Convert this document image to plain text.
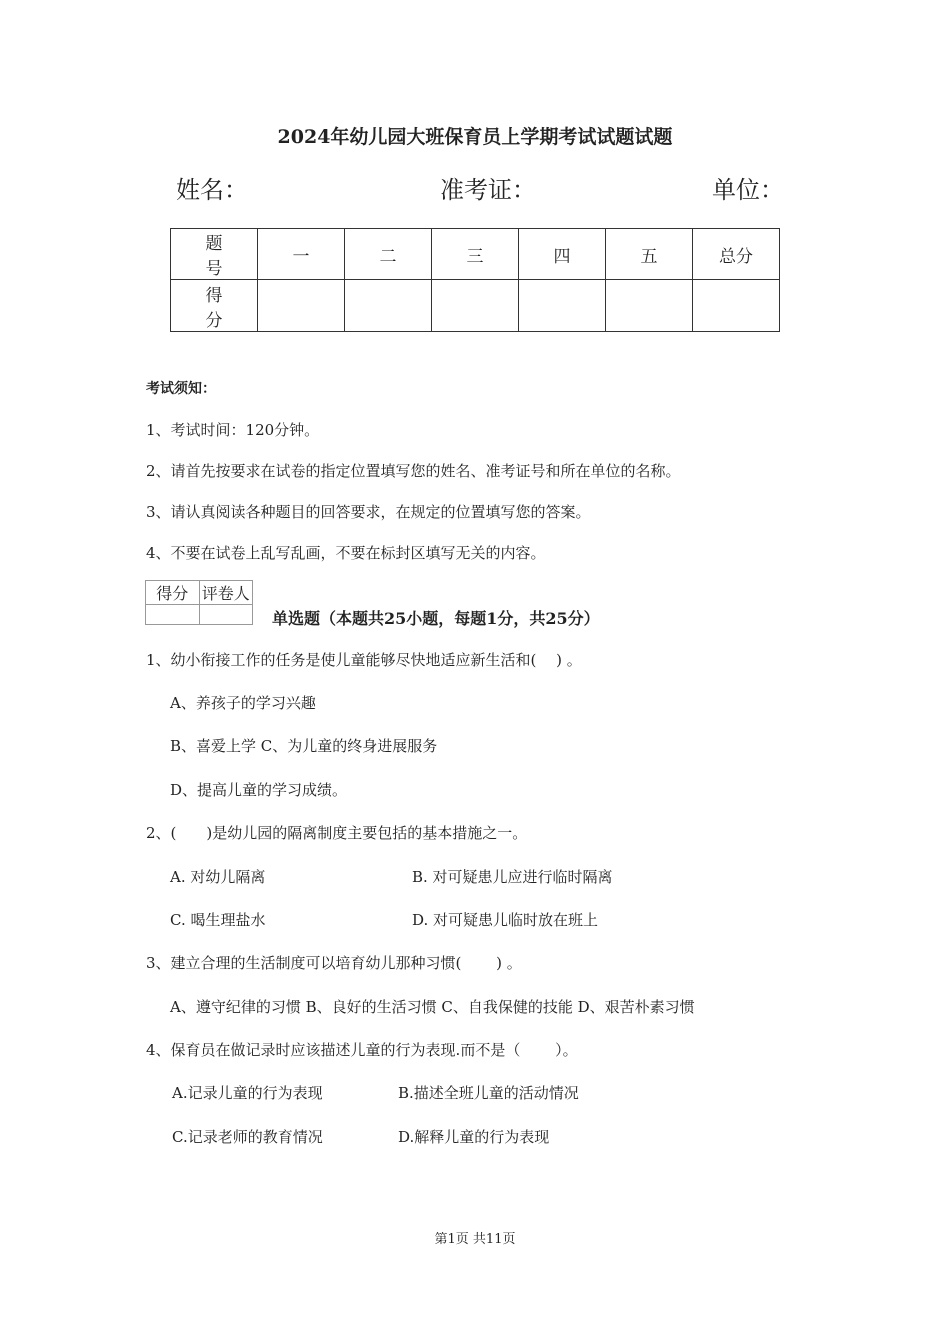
2024年幼儿园大班保育员上学期考试试题试题
姓名：	准考证：	单位：
题　号	一	二	三	四	五	总分
得　分						
考试须知：
1、考试时间：120分钟。
2、请首先按要求在试卷的指定位置填写您的姓名、准考证号和所在单位的名称。
3、请认真阅读各种题目的回答要求，在规定的位置填写您的答案。
4、不要在试卷上乱写乱画，不要在标封区填写无关的内容。
得分	评卷人

单选题（本题共25小题，每题1分，共25分）
1、幼小衔接工作的任务是使儿童能够尽快地适应新生活和(　 ) 。
A、养孩子的学习兴趣
B、喜爱上学 C、为儿童的终身进展服务
D、提高儿童的学习成绩。
2、(　　)是幼儿园的隔离制度主要包括的基本措施之一。
A. 对幼儿隔离	B. 对可疑患儿应进行临时隔离
C. 喝生理盐水	D. 对可疑患儿临时放在班上
3、建立合理的生活制度可以培育幼儿那种习惯(　　 ) 。
A、遵守纪律的习惯 B、良好的生活习惯 C、自我保健的技能 D、艰苦朴素习惯
4、保育员在做记录时应该描述儿童的行为表现.而不是（　　 ）。
A.记录儿童的行为表现	B.描述全班儿童的活动情况
C.记录老师的教育情况	D.解释儿童的行为表现
第1页 共11页
